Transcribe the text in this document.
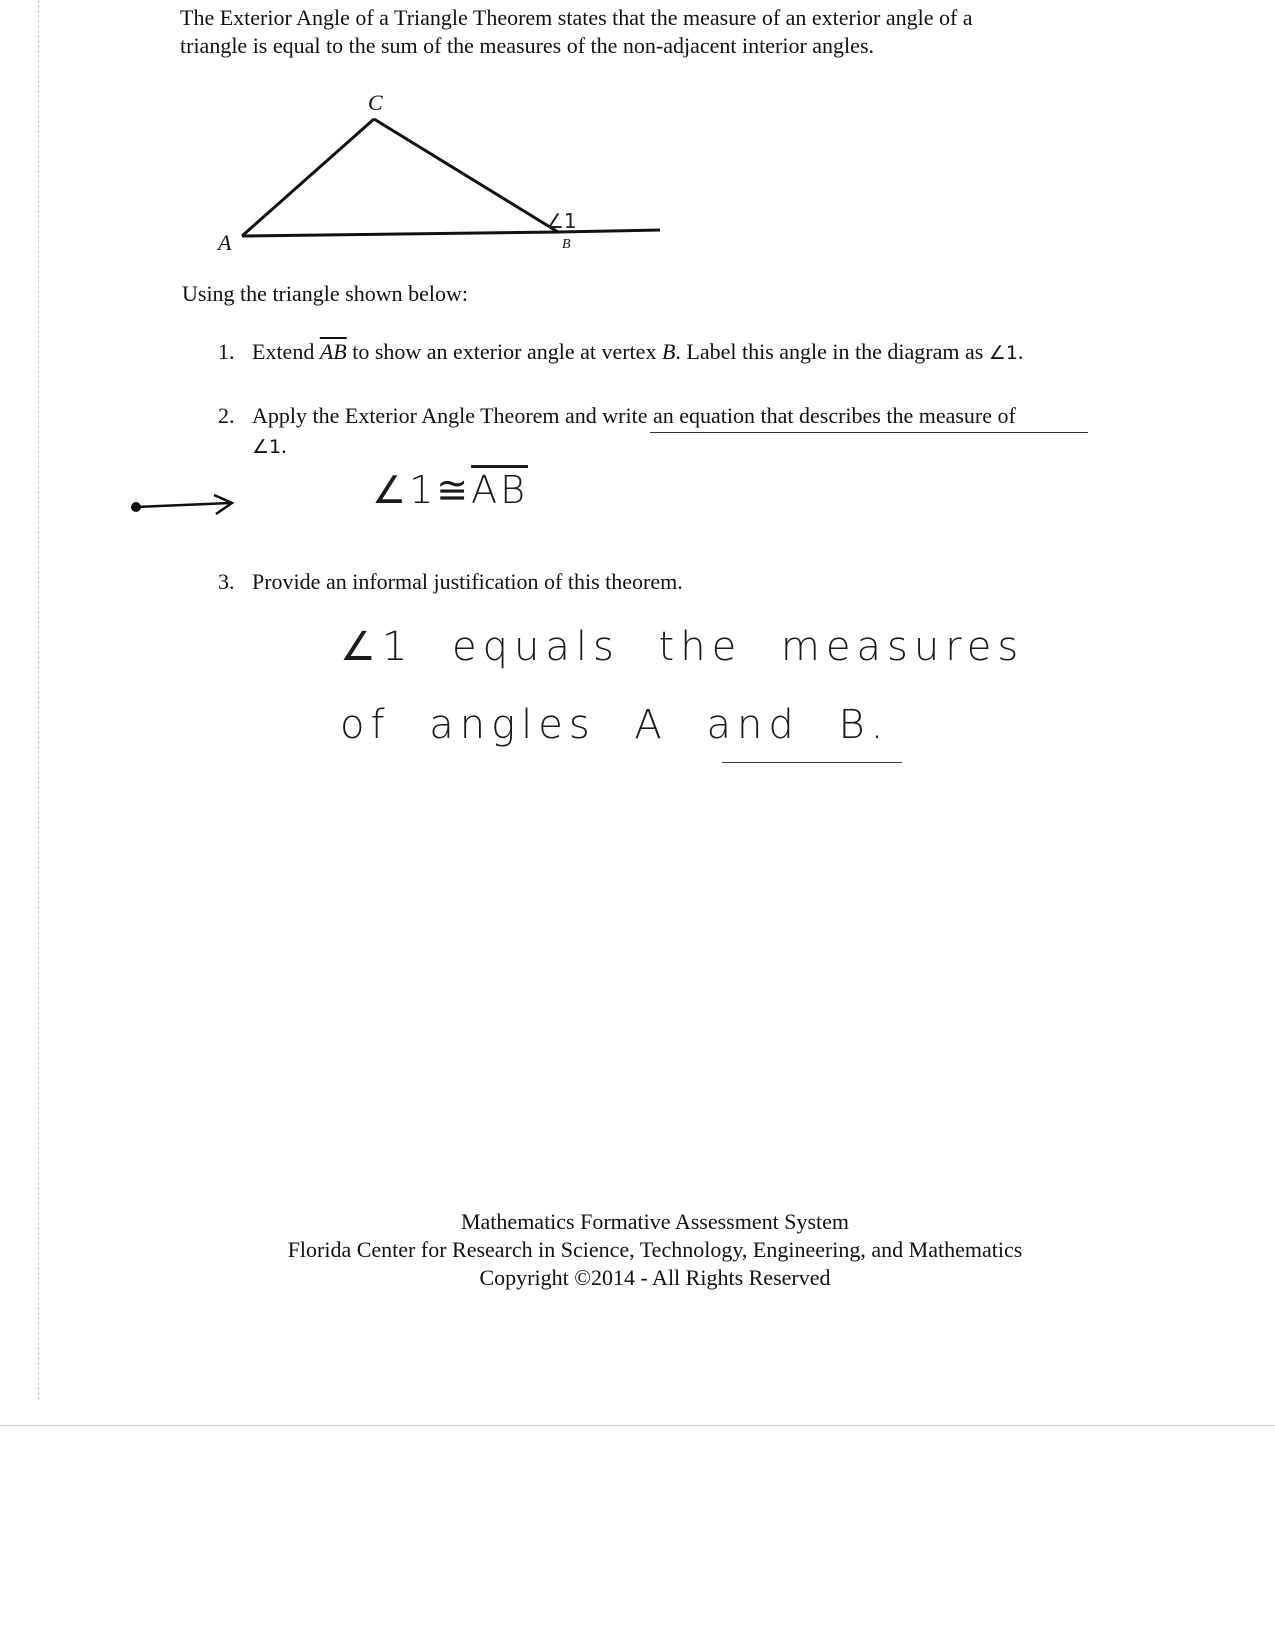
The Exterior Angle of a Triangle Theorem states that the measure of an exterior angle of a
triangle is equal to the sum of the measures of the non-adjacent interior angles.
C
A	B
∠1
Using the triangle shown below:
1. Extend $\overline{AB}$ to show an exterior angle at vertex B. Label this angle in the diagram as ∠1.
2. Apply the Exterior Angle Theorem and write an equation that describes the measure of
∠1.
$\angle 1≅\overline{AB}$
3. Provide an informal justification of this theorem.
∠1 equals the measures
of angles A and B.
Mathematics Formative Assessment System
Florida Center for Research in Science, Technology, Engineering, and Mathematics
Copyright ©2014 - All Rights Reserved
